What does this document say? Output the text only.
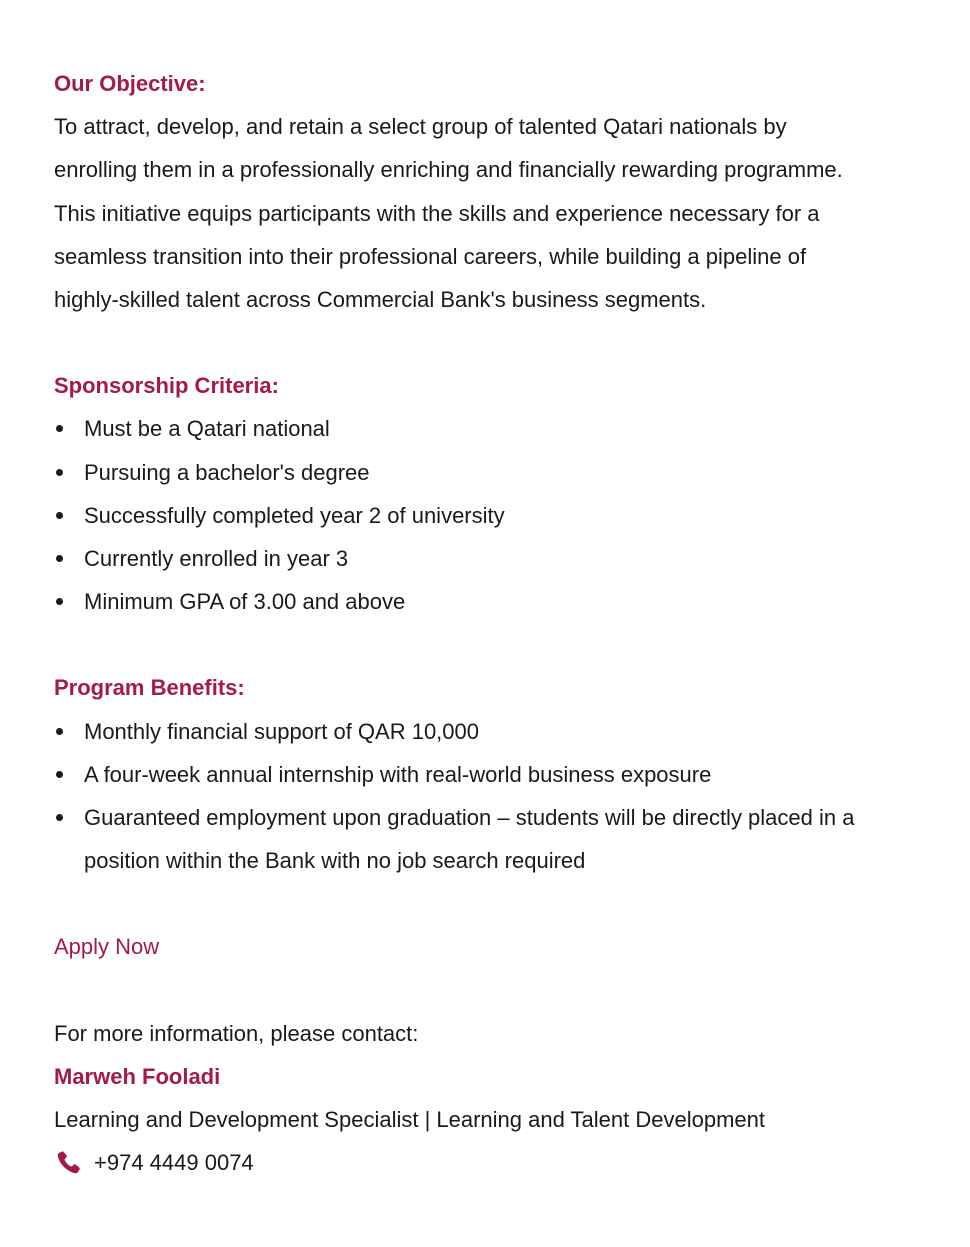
Our Objective:

To attract, develop, and retain a select group of talented Qatari nationals by
enrolling them in a professionally enriching and financially rewarding programme.
This initiative equips participants with the skills and experience necessary for a
seamless transition into their professional careers, while building a pipeline of
highly-skilled talent across Commercial Bank's business segments.

Sponsorship Criteria:

Must be a Qatari national
Pursuing a bachelor's degree
Successfully completed year 2 of university
Currently enrolled in year 3
Minimum GPA of 3.00 and above

Program Benefits:

Monthly financial support of QAR 10,000
A four-week annual internship with real-world business exposure
Guaranteed employment upon graduation – students will be directly placed in a
position within the Bank with no job search required
Apply Now
For more information, please contact:
Marweh Fooladi
Learning and Development Specialist | Learning and Talent Development
+974 4449 0074
